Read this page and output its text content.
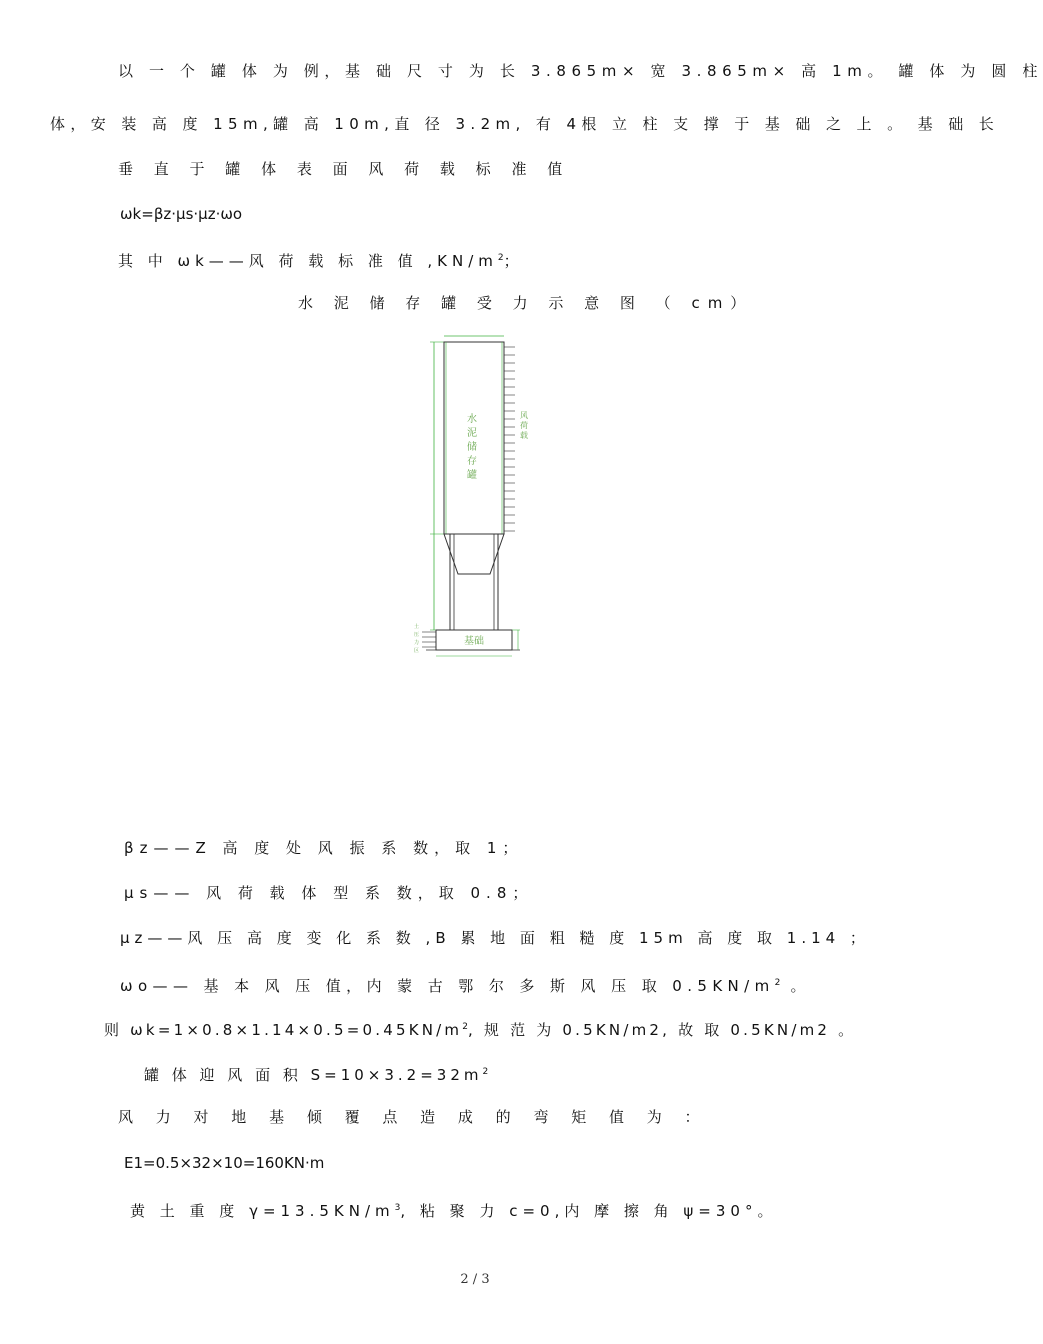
以 一 个 罐 体 为 例，基 础 尺 寸 为 长 3.865m× 宽 3.865m× 高 1m。 罐 体 为 圆 柱
体，安 装 高 度 15m,罐 高 10m,直 径 3.2m, 有 4根 立 柱 支 撑 于 基 础 之 上 。 基 础 长
垂 直 于 罐 体 表 面 风 荷 载 标 准 值
ωk=βz·μs·μz·ωo
其 中 ωk——风 荷 载 标 准 值 $,KN/m^2$；
水 泥 储 存 罐 受 力 示 意 图 （ cm）
土
压
力
区
水
泥
储
存
罐
风
荷
载
基础
βz——Z 高 度 处 风 振 系 数，取 1；
μs—— 风 荷 载 体 型 系 数，取 0.8；
μz——风 压 高 度 变 化 系 数 ,B 累 地 面 粗 糙 度 15m 高 度 取 1.14 ；
ωo—— 基 本 风 压 值，内 蒙 古 鄂 尔 多 斯 风 压 取 $0.5KN/m^2$ 。
则 $\omega k=1\times 0.8\times 1.14\times 0.5=0.45KN/m^2$, 规 范 为 0.5KN/m2, 故 取 0.5KN/m2 。
罐 体 迎 风 面 积 $S=10\times 3.2=32m^2$
风 力 对 地 基 倾 覆 点 造 成 的 弯 矩 值 为 ：
E1=0.5×32×10=160KN·m
黄 土 重 度 $\gamma=13.5KN/m^3$, 粘 聚 力 c=0,内 摩 擦 角 ψ=30°。
2 / 3
